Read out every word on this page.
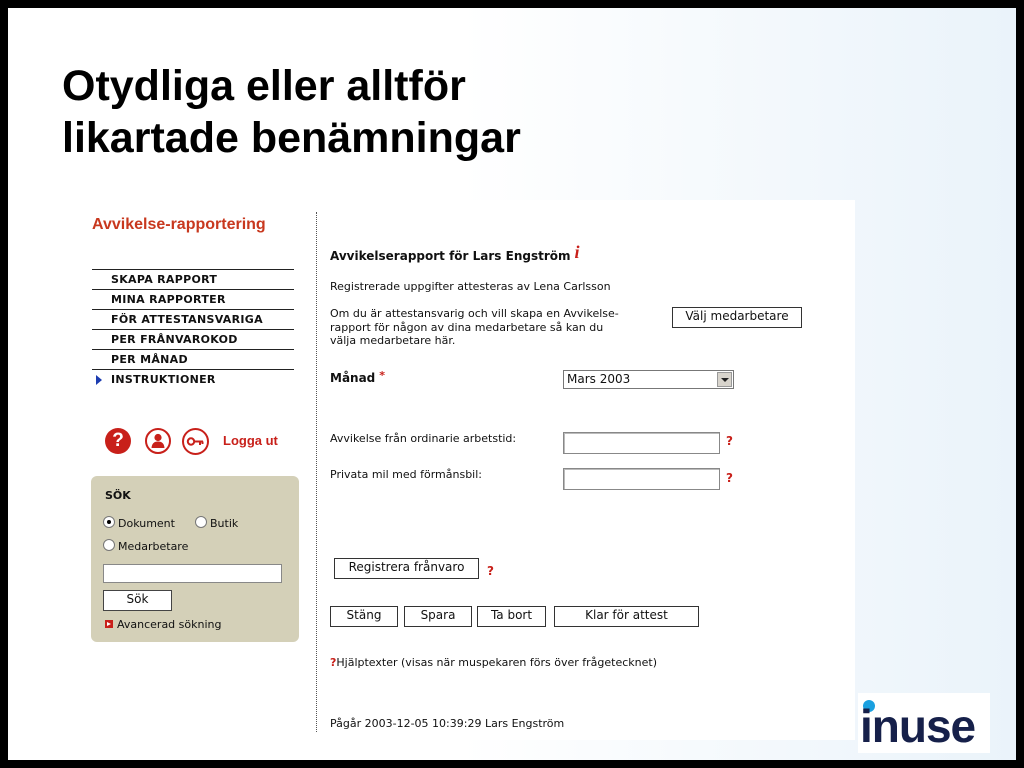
Otydliga eller alltför
likartade benämningar
Avvikelse-rapportering
SKAPA RAPPORT
MINA RAPPORTER
FÖR ATTESTANSVARIGA
PER FRÅNVAROKOD
PER MÅNAD
INSTRUKTIONER
?	Logga ut
SÖK
Dokument	Butik
Medarbetare
Sök
Avancerad sökning
Avvikelserapport för Lars Engström i
Registrerade uppgifter attesteras av Lena Carlsson
Om du är attestansvarig och vill skapa en Avvikelse-
rapport för någon av dina medarbetare så kan du
välja medarbetare här.
Välj medarbetare
Månad *	Mars 2003
Avvikelse från ordinarie arbetstid:	?
Privata mil med förmånsbil:	?
Registrera frånvaro	?
Stäng	Spara	Ta bort	Klar för attest
?Hjälptexter (visas när muspekaren förs över frågetecknet)
Pågår 2003-12-05 10:39:29 Lars Engström	inuse
